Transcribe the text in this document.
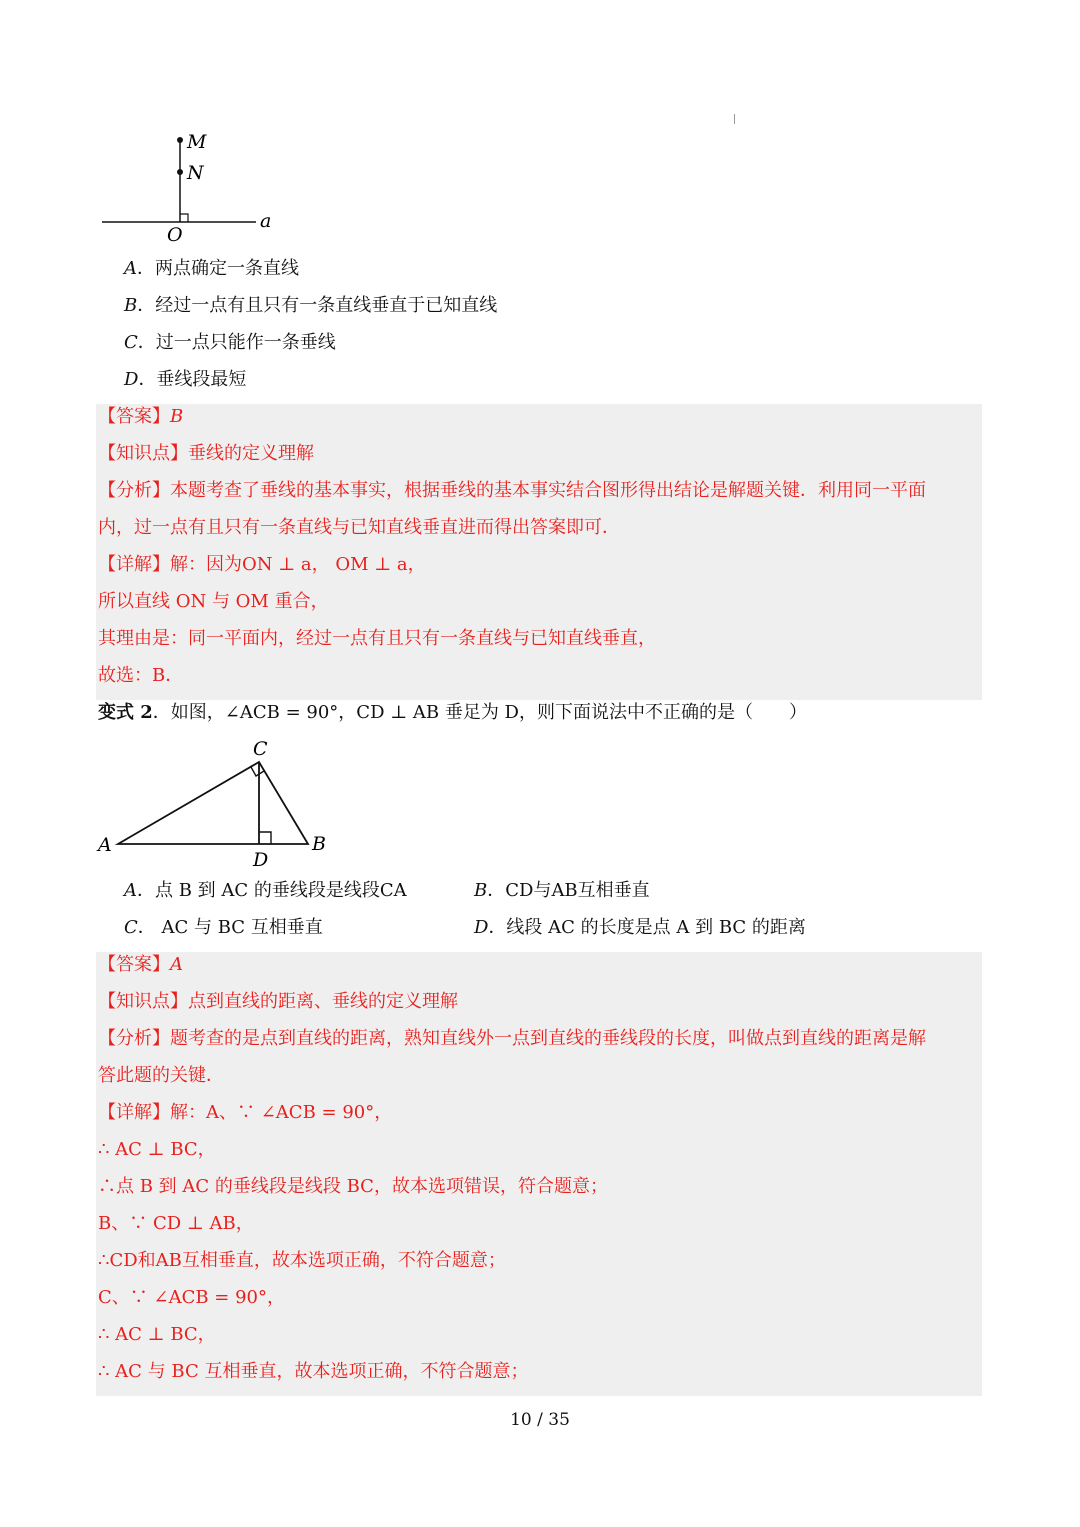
M
N
O
a
A．两点确定一条直线
B．经过一点有且只有一条直线垂直于已知直线
C．过一点只能作一条垂线
D．垂线段最短
【答案】B
【知识点】垂线的定义理解
【分析】本题考查了垂线的基本事实，根据垂线的基本事实结合图形得出结论是解题关键．利用同一平面
内，过一点有且只有一条直线与已知直线垂直进而得出答案即可．
【详解】解：因为ON ⊥ a， OM ⊥ a，
所以直线 ON 与 OM 重合，
其理由是：同一平面内，经过一点有且只有一条直线与已知直线垂直，
故选：B．
变式 2．如图，∠ACB = 90°，CD ⊥ AB 垂足为 D，则下面说法中不正确的是（　　）
A
C
B
D
A．点 B 到 AC 的垂线段是线段CA	B．CD与AB互相垂直
C． AC 与 BC 互相垂直	D．线段 AC 的长度是点 A 到 BC 的距离
【答案】A
【知识点】点到直线的距离、垂线的定义理解
【分析】题考查的是点到直线的距离，熟知直线外一点到直线的垂线段的长度，叫做点到直线的距离是解
答此题的关键．
【详解】解：A、∵ ∠ACB = 90°，
∴ AC ⊥ BC，
∴点 B 到 AC 的垂线段是线段 BC，故本选项错误，符合题意；
B、∵ CD ⊥ AB，
∴CD和AB互相垂直，故本选项正确，不符合题意；
C、∵ ∠ACB = 90°，
∴ AC ⊥ BC，
∴ AC 与 BC 互相垂直，故本选项正确，不符合题意；
10 / 35
